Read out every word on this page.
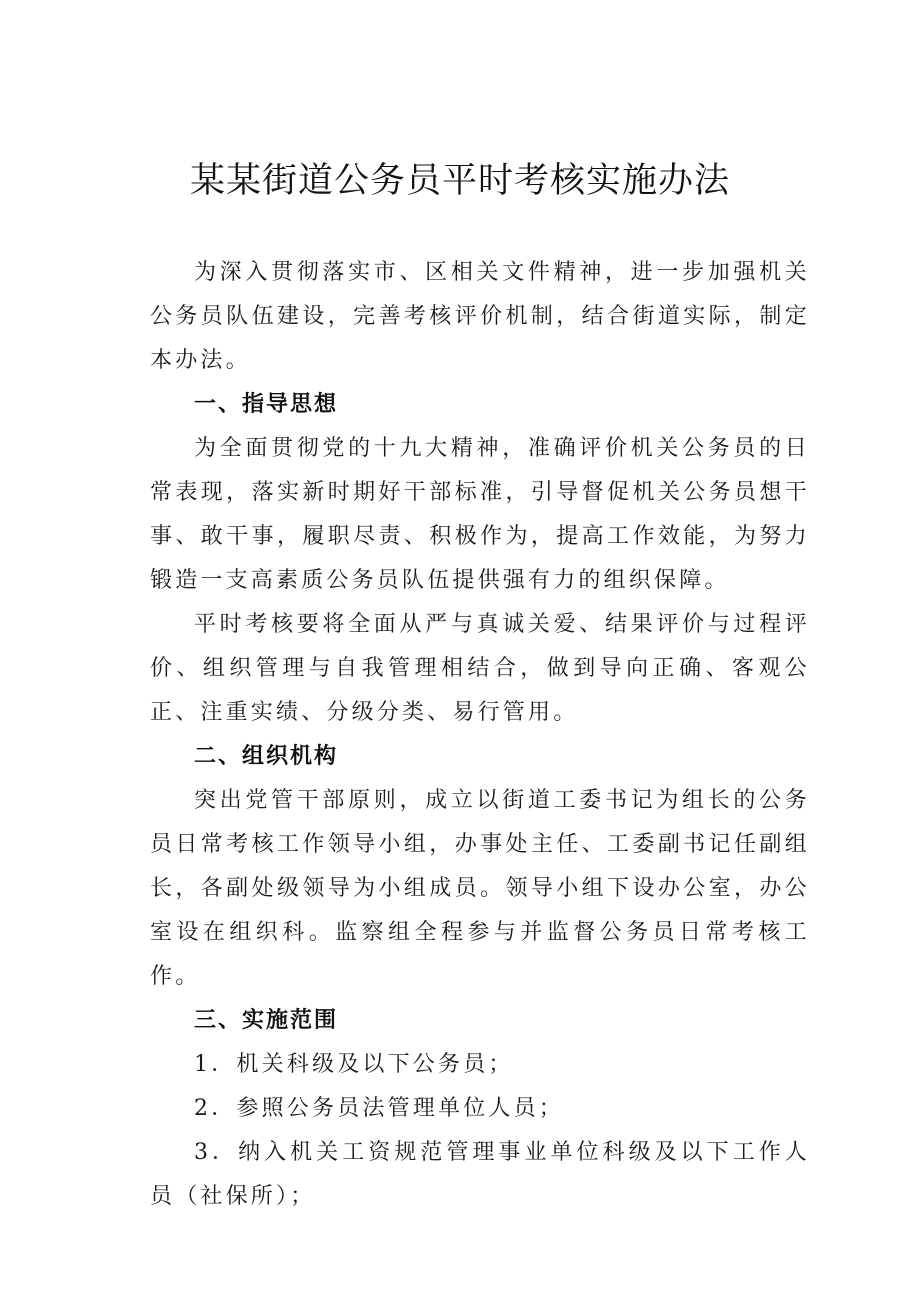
某某街道公务员平时考核实施办法

为深入贯彻落实市、区相关文件精神，进一步加强机关公务员队伍建设，完善考核评价机制，结合街道实际，制定本办法。

一、指导思想

为全面贯彻党的十九大精神，准确评价机关公务员的日常表现，落实新时期好干部标准，引导督促机关公务员想干事、敢干事，履职尽责、积极作为，提高工作效能，为努力锻造一支高素质公务员队伍提供强有力的组织保障。

平时考核要将全面从严与真诚关爱、结果评价与过程评价、组织管理与自我管理相结合，做到导向正确、客观公正、注重实绩、分级分类、易行管用。

二、组织机构

突出党管干部原则，成立以街道工委书记为组长的公务员日常考核工作领导小组，办事处主任、工委副书记任副组长，各副处级领导为小组成员。领导小组下设办公室，办公室设在组织科。监察组全程参与并监督公务员日常考核工作。

三、实施范围

1．机关科级及以下公务员；

2．参照公务员法管理单位人员；

3．纳入机关工资规范管理事业单位科级及以下工作人员（社保所）；
